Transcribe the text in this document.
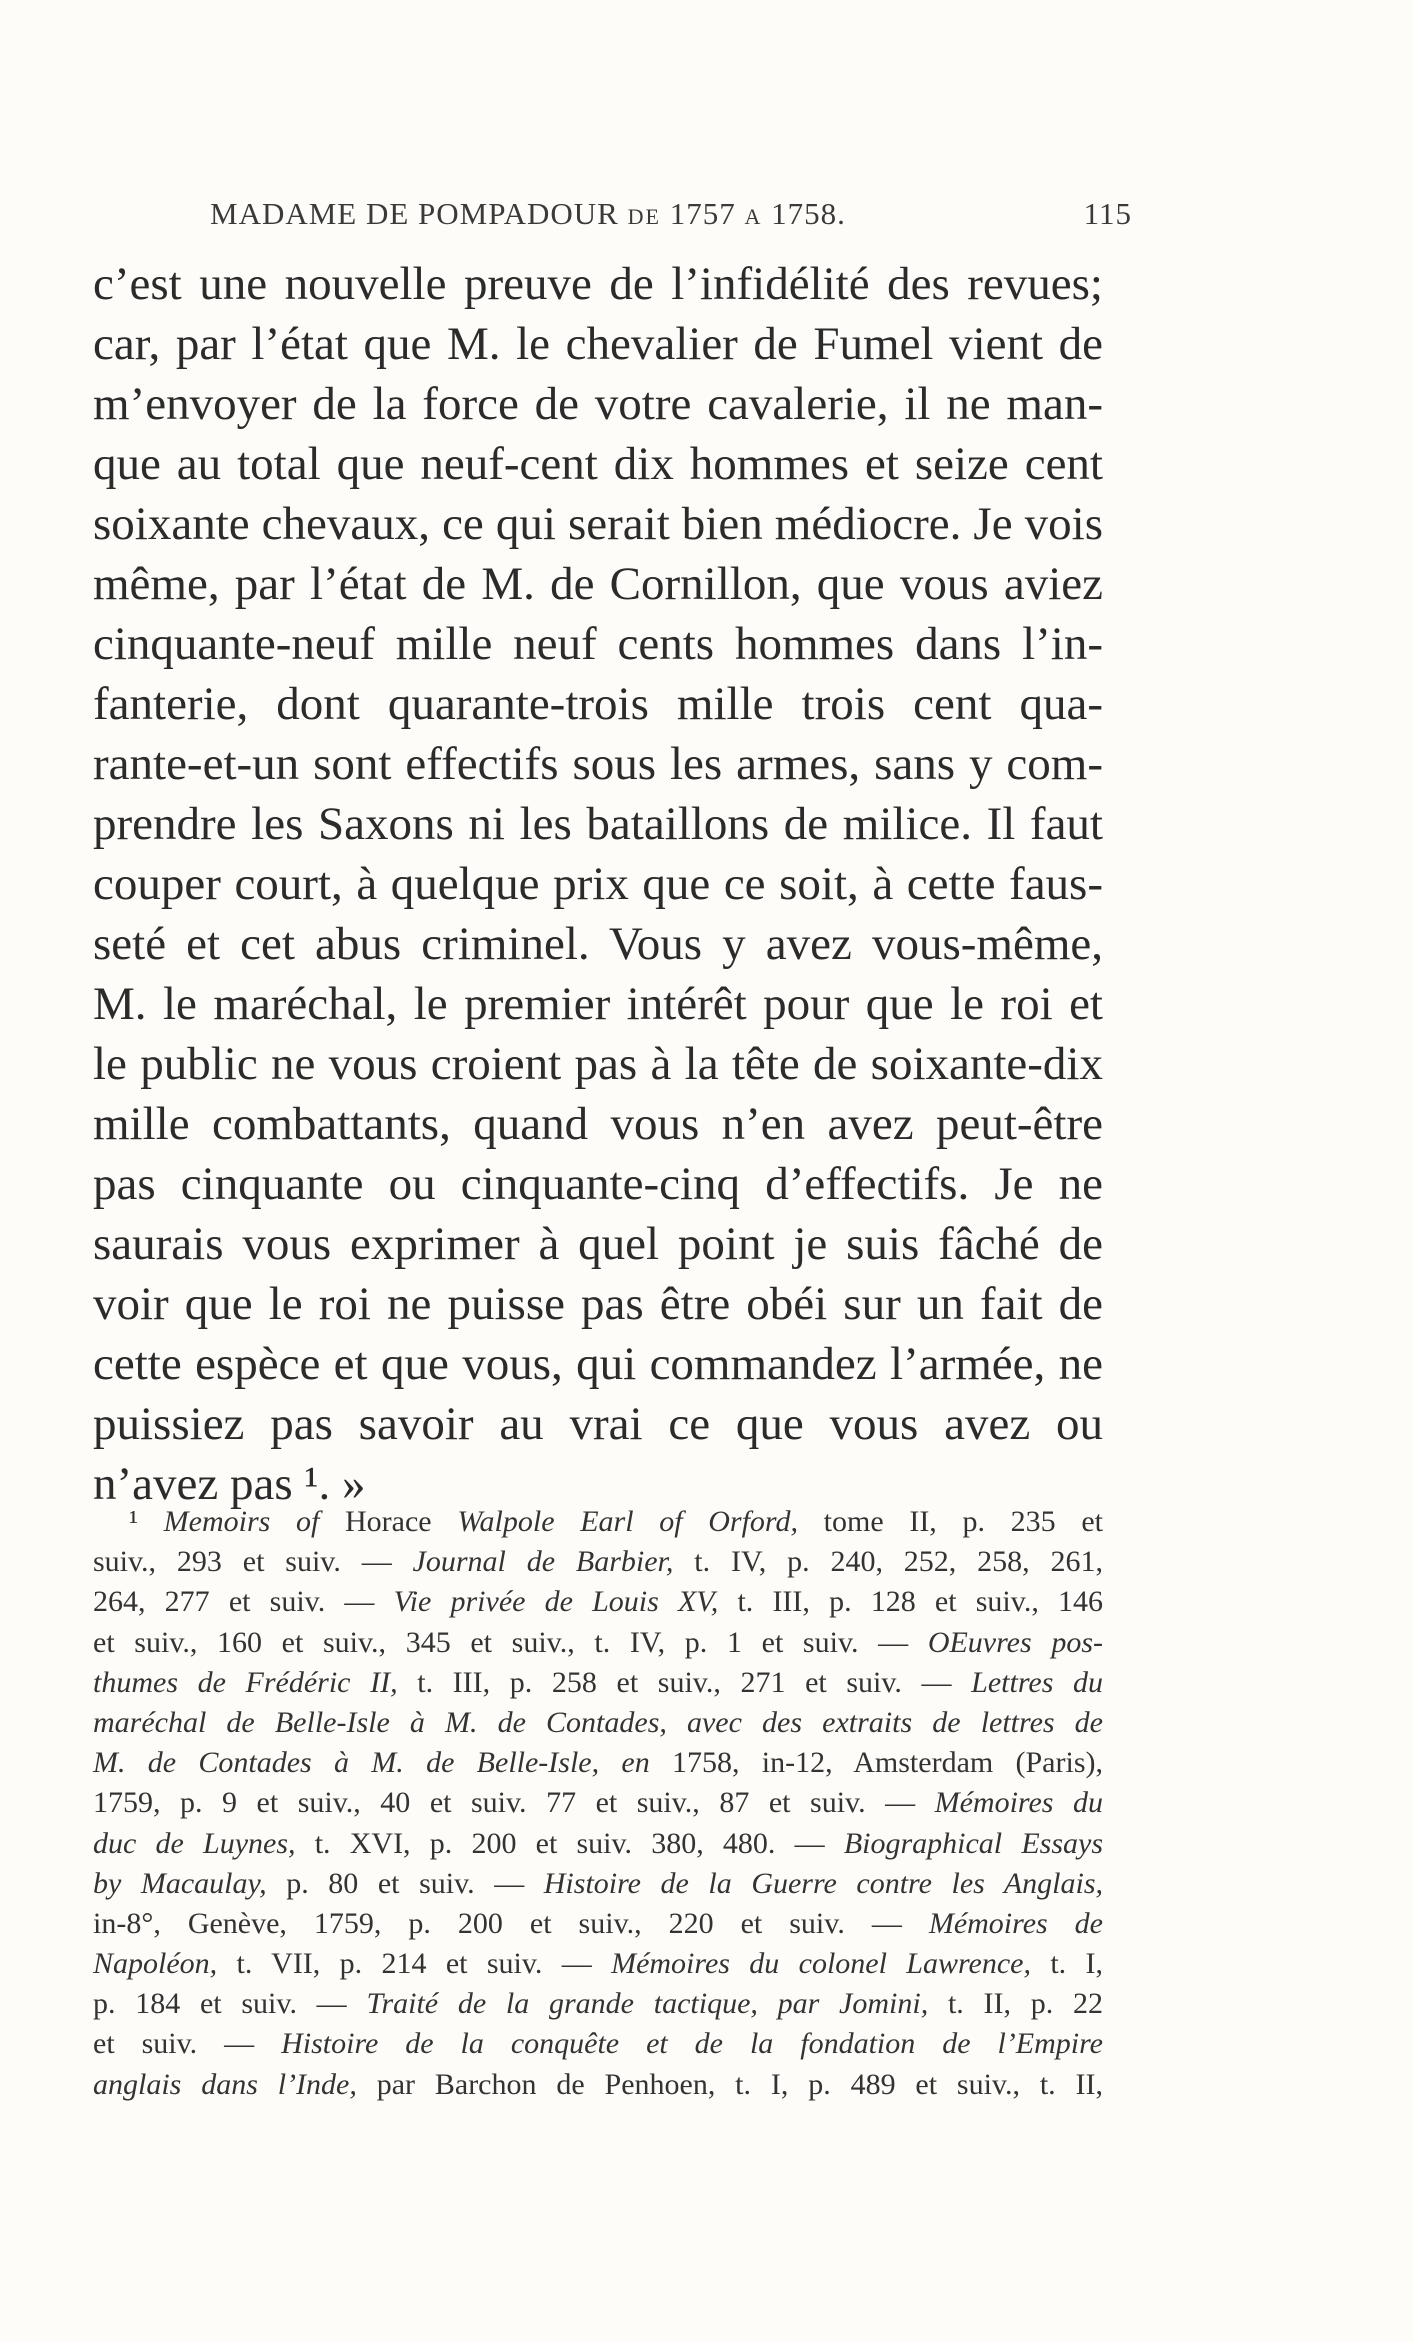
MADAME DE POMPADOUR DE 1757 A 1758.	115
c’est une nouvelle preuve de l’infidélité des revues;
car, par l’état que M. le chevalier de Fumel vient de
m’envoyer de la force de votre cavalerie, il ne man-
que au total que neuf-cent dix hommes et seize cent
soixante chevaux, ce qui serait bien médiocre. Je vois
même, par l’état de M. de Cornillon, que vous aviez
cinquante-neuf mille neuf cents hommes dans l’in-
fanterie, dont quarante-trois mille trois cent qua-
rante-et-un sont effectifs sous les armes, sans y com-
prendre les Saxons ni les bataillons de milice. Il faut
couper court, à quelque prix que ce soit, à cette faus-
seté et cet abus criminel. Vous y avez vous-même,
M. le maréchal, le premier intérêt pour que le roi et
le public ne vous croient pas à la tête de soixante-dix
mille combattants, quand vous n’en avez peut-être
pas cinquante ou cinquante-cinq d’effectifs. Je ne
saurais vous exprimer à quel point je suis fâché de
voir que le roi ne puisse pas être obéi sur un fait de
cette espèce et que vous, qui commandez l’armée, ne
puissiez pas savoir au vrai ce que vous avez ou
n’avez pas ¹. »
¹ Memoirs of Horace Walpole Earl of Orford, tome II, p. 235 et
suiv., 293 et suiv. — Journal de Barbier, t. IV, p. 240, 252, 258, 261,
264, 277 et suiv. — Vie privée de Louis XV, t. III, p. 128 et suiv., 146
et suiv., 160 et suiv., 345 et suiv., t. IV, p. 1 et suiv. — OEuvres pos-
thumes de Frédéric II, t. III, p. 258 et suiv., 271 et suiv. — Lettres du
maréchal de Belle-Isle à M. de Contades, avec des extraits de lettres de
M. de Contades à M. de Belle-Isle, en 1758, in-12, Amsterdam (Paris),
1759, p. 9 et suiv., 40 et suiv. 77 et suiv., 87 et suiv. — Mémoires du
duc de Luynes, t. XVI, p. 200 et suiv. 380, 480. — Biographical Essays
by Macaulay, p. 80 et suiv. — Histoire de la Guerre contre les Anglais,
in-8°, Genève, 1759, p. 200 et suiv., 220 et suiv. — Mémoires de
Napoléon, t. VII, p. 214 et suiv. — Mémoires du colonel Lawrence, t. I,
p. 184 et suiv. — Traité de la grande tactique, par Jomini, t. II, p. 22
et suiv. — Histoire de la conquête et de la fondation de l’Empire
anglais dans l’Inde, par Barchon de Penhoen, t. I, p. 489 et suiv., t. II,
